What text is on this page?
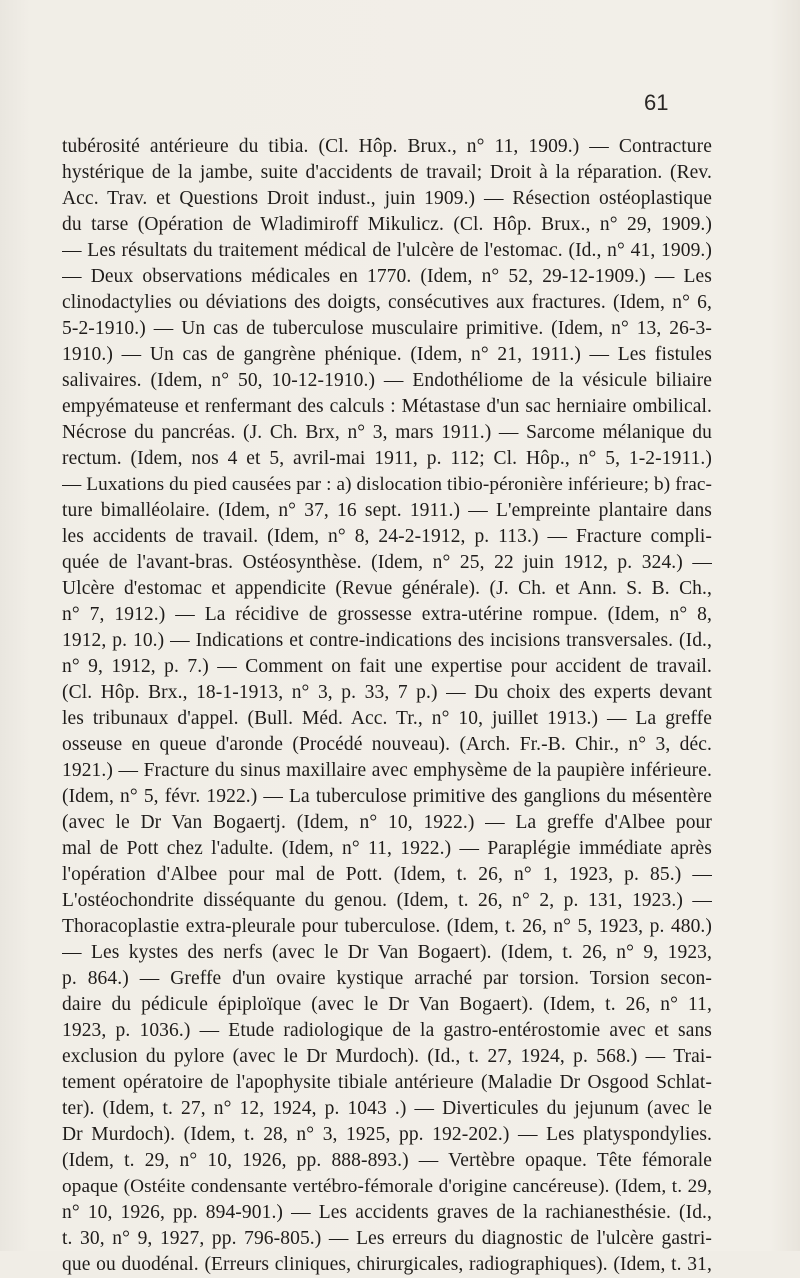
61
tubérosité antérieure du tibia. (Cl. Hôp. Brux., n° 11, 1909.) — Contracture
hystérique de la jambe, suite d'accidents de travail; Droit à la réparation. (Rev.
Acc. Trav. et Questions Droit indust., juin 1909.) — Résection ostéoplastique
du tarse (Opération de Wladimiroff Mikulicz. (Cl. Hôp. Brux., n° 29, 1909.)
— Les résultats du traitement médical de l'ulcère de l'estomac. (Id., n° 41, 1909.)
— Deux observations médicales en 1770. (Idem, n° 52, 29-12-1909.) — Les
clinodactylies ou déviations des doigts, consécutives aux fractures. (Idem, n° 6,
5-2-1910.) — Un cas de tuberculose musculaire primitive. (Idem, n° 13, 26-3-
1910.) — Un cas de gangrène phénique. (Idem, n° 21, 1911.) — Les fistules
salivaires. (Idem, n° 50, 10-12-1910.) — Endothéliome de la vésicule biliaire
empyémateuse et renfermant des calculs : Métastase d'un sac herniaire ombilical.
Nécrose du pancréas. (J. Ch. Brx, n° 3, mars 1911.) — Sarcome mélanique du
rectum. (Idem, nos 4 et 5, avril-mai 1911, p. 112; Cl. Hôp., n° 5, 1-2-1911.)
— Luxations du pied causées par : a) dislocation tibio-péronière inférieure; b) frac-
ture bimalléolaire. (Idem, n° 37, 16 sept. 1911.) — L'empreinte plantaire dans
les accidents de travail. (Idem, n° 8, 24-2-1912, p. 113.) — Fracture compli-
quée de l'avant-bras. Ostéosynthèse. (Idem, n° 25, 22 juin 1912, p. 324.) —
Ulcère d'estomac et appendicite (Revue générale). (J. Ch. et Ann. S. B. Ch.,
n° 7, 1912.) — La récidive de grossesse extra-utérine rompue. (Idem, n° 8,
1912, p. 10.) — Indications et contre-indications des incisions transversales. (Id.,
n° 9, 1912, p. 7.) — Comment on fait une expertise pour accident de travail.
(Cl. Hôp. Brx., 18-1-1913, n° 3, p. 33, 7 p.) — Du choix des experts devant
les tribunaux d'appel. (Bull. Méd. Acc. Tr., n° 10, juillet 1913.) — La greffe
osseuse en queue d'aronde (Procédé nouveau). (Arch. Fr.-B. Chir., n° 3, déc.
1921.) — Fracture du sinus maxillaire avec emphysème de la paupière inférieure.
(Idem, n° 5, févr. 1922.) — La tuberculose primitive des ganglions du mésentère
(avec le Dr Van Bogaertj. (Idem, n° 10, 1922.) — La greffe d'Albee pour
mal de Pott chez l'adulte. (Idem, n° 11, 1922.) — Paraplégie immédiate après
l'opération d'Albee pour mal de Pott. (Idem, t. 26, n° 1, 1923, p. 85.) —
L'ostéochondrite disséquante du genou. (Idem, t. 26, n° 2, p. 131, 1923.) —
Thoracoplastie extra-pleurale pour tuberculose. (Idem, t. 26, n° 5, 1923, p. 480.)
— Les kystes des nerfs (avec le Dr Van Bogaert). (Idem, t. 26, n° 9, 1923,
p. 864.) — Greffe d'un ovaire kystique arraché par torsion. Torsion secon-
daire du pédicule épiploïque (avec le Dr Van Bogaert). (Idem, t. 26, n° 11,
1923, p. 1036.) — Etude radiologique de la gastro-entérostomie avec et sans
exclusion du pylore (avec le Dr Murdoch). (Id., t. 27, 1924, p. 568.) — Trai-
tement opératoire de l'apophysite tibiale antérieure (Maladie Dr Osgood Schlat-
ter). (Idem, t. 27, n° 12, 1924, p. 1043 .) — Diverticules du jejunum (avec le
Dr Murdoch). (Idem, t. 28, n° 3, 1925, pp. 192-202.) — Les platyspondylies.
(Idem, t. 29, n° 10, 1926, pp. 888-893.) — Vertèbre opaque. Tête fémorale
opaque (Ostéite condensante vertébro-fémorale d'origine cancéreuse). (Idem, t. 29,
n° 10, 1926, pp. 894-901.) — Les accidents graves de la rachianesthésie. (Id.,
t. 30, n° 9, 1927, pp. 796-805.) — Les erreurs du diagnostic de l'ulcère gastri-
que ou duodénal. (Erreurs cliniques, chirurgicales, radiographiques). (Idem, t. 31,
